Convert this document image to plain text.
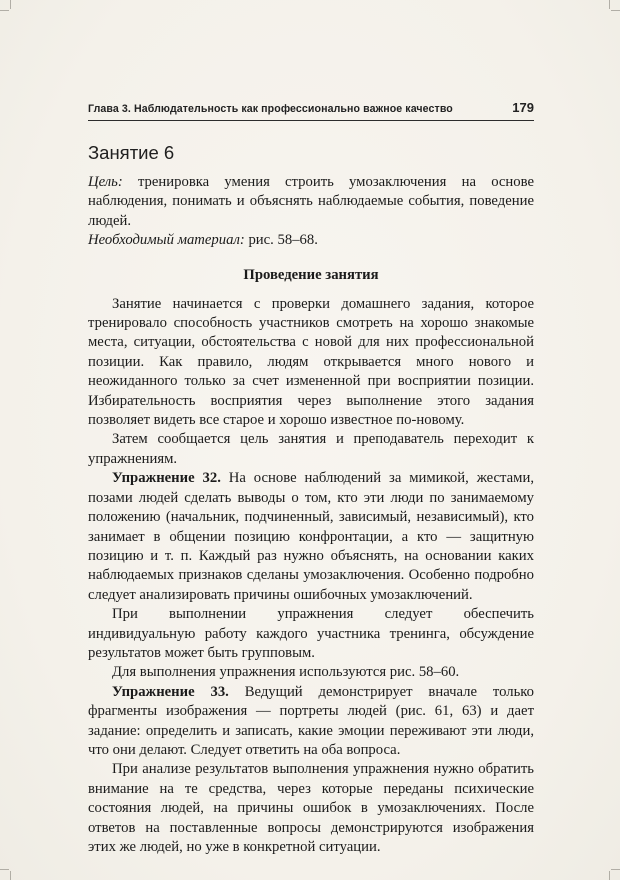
Глава 3. Наблюдательность как профессионально важное качество	179
Занятие 6

Цель: тренировка умения строить умозаключения на основе наблюдения, понимать и объяснять наблюдаемые события, поведение людей.

Необходимый материал: рис. 58–68.

Проведение занятия

Занятие начинается с проверки домашнего задания, которое тренировало способность участников смотреть на хорошо знакомые места, ситуации, обстоятельства с новой для них профессиональной позиции. Как правило, людям открывается много нового и неожиданного только за счет измененной при восприятии позиции. Избирательность восприятия через выполнение этого задания позволяет видеть все старое и хорошо известное по-новому.

Затем сообщается цель занятия и преподаватель переходит к упражнениям.

Упражнение 32. На основе наблюдений за мимикой, жестами, позами людей сделать выводы о том, кто эти люди по занимаемому положению (начальник, подчиненный, зависимый, независимый), кто занимает в общении позицию конфронтации, а кто — защитную позицию и т. п. Каждый раз нужно объяснять, на основании каких наблюдаемых признаков сделаны умозаключения. Особенно подробно следует анализировать причины ошибочных умозаключений.

При выполнении упражнения следует обеспечить индивидуальную работу каждого участника тренинга, обсуждение результатов может быть групповым.

Для выполнения упражнения используются рис. 58–60.

Упражнение 33. Ведущий демонстрирует вначале только фрагменты изображения — портреты людей (рис. 61, 63) и дает задание: определить и записать, какие эмоции переживают эти люди, что они делают. Следует ответить на оба вопроса.

При анализе результатов выполнения упражнения нужно обратить внимание на те средства, через которые переданы психические состояния людей, на причины ошибок в умозаключениях. После ответов на поставленные вопросы демонстрируются изображения этих же людей, но уже в конкретной ситуации.
